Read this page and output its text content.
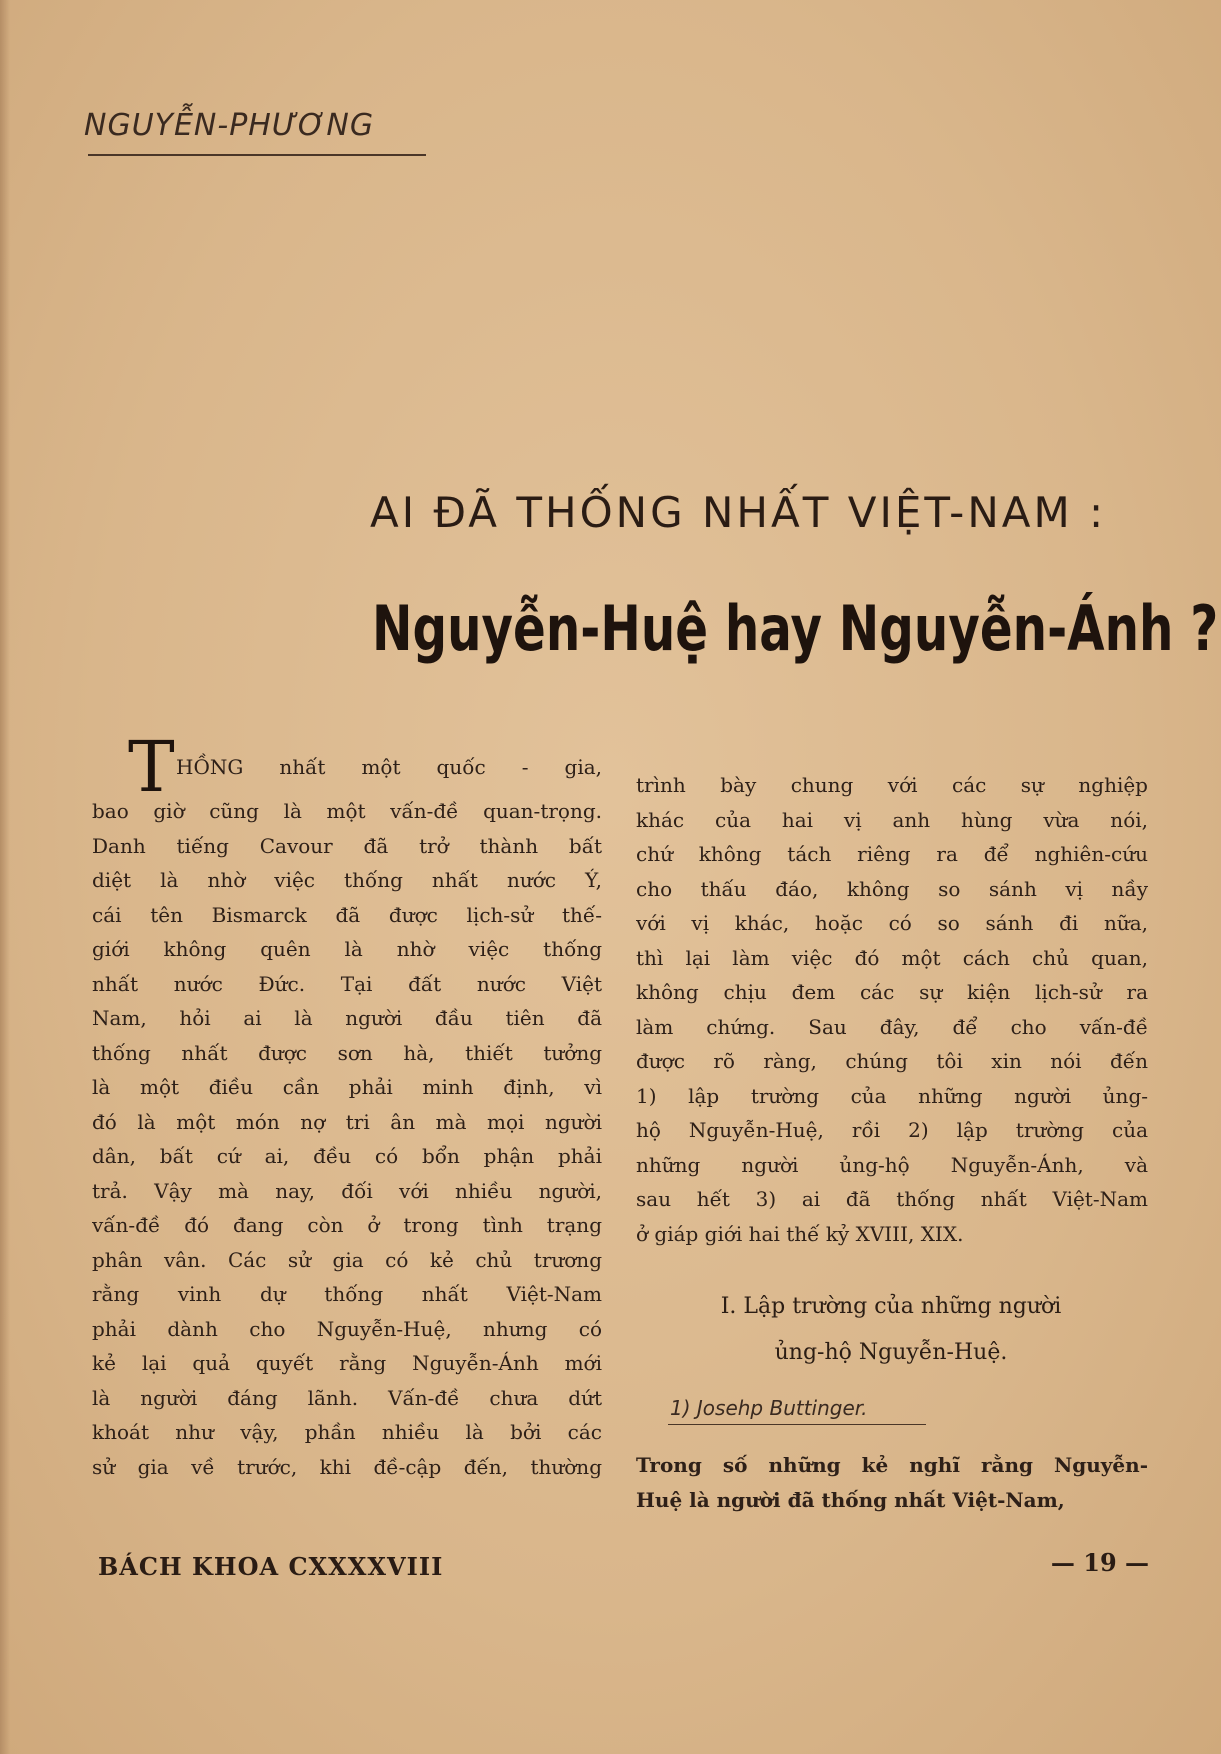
NGUYỄN-PHƯƠNG
AI ĐÃ THỐNG NHẤT VIỆT-NAM :
Nguyễn-Huệ hay Nguyễn-Ánh ?
T HỒNG nhất một quốc - gia,
bao giờ cũng là một vấn-đề quan-trọng.
Danh tiếng Cavour đã trở thành bất
diệt là nhờ việc thống nhất nước Ý,
cái tên Bismarck đã được lịch-sử thế-
giới không quên là nhờ việc thống
nhất nước Đức. Tại đất nước Việt
Nam, hỏi ai là người đầu tiên đã
thống nhất được sơn hà, thiết tưởng
là một điều cần phải minh định, vì
đó là một món nợ tri ân mà mọi người
dân, bất cứ ai, đều có bổn phận phải
trả. Vậy mà nay, đối với nhiều người,
vấn-đề đó đang còn ở trong tình trạng
phân vân. Các sử gia có kẻ chủ trương
rằng vinh dự thống nhất Việt-Nam
phải dành cho Nguyễn-Huệ, nhưng có
kẻ lại quả quyết rằng Nguyễn-Ánh mới
là người đáng lãnh. Vấn-đề chưa dứt
khoát như vậy, phần nhiều là bởi các
sử gia về trước, khi đề-cập đến, thường
trình bày chung với các sự nghiệp
khác của hai vị anh hùng vừa nói,
chứ không tách riêng ra để nghiên-cứu
cho thấu đáo, không so sánh vị nầy
với vị khác, hoặc có so sánh đi nữa,
thì lại làm việc đó một cách chủ quan,
không chịu đem các sự kiện lịch-sử ra
làm chứng. Sau đây, để cho vấn-đề
được rõ ràng, chúng tôi xin nói đến
1) lập trường của những người ủng-
hộ Nguyễn-Huệ, rồi 2) lập trường của
những người ủng-hộ Nguyễn-Ánh, và
sau hết 3) ai đã thống nhất Việt-Nam
ở giáp giới hai thế kỷ XVIII, XIX.
I. Lập trường của những người
ủng-hộ Nguyễn-Huệ.
1) Josehp Buttinger.
Trong số những kẻ nghĩ rằng Nguyễn-
Huệ là người đã thống nhất Việt-Nam,
BÁCH KHOA CXXXXVIII	— 19 —
